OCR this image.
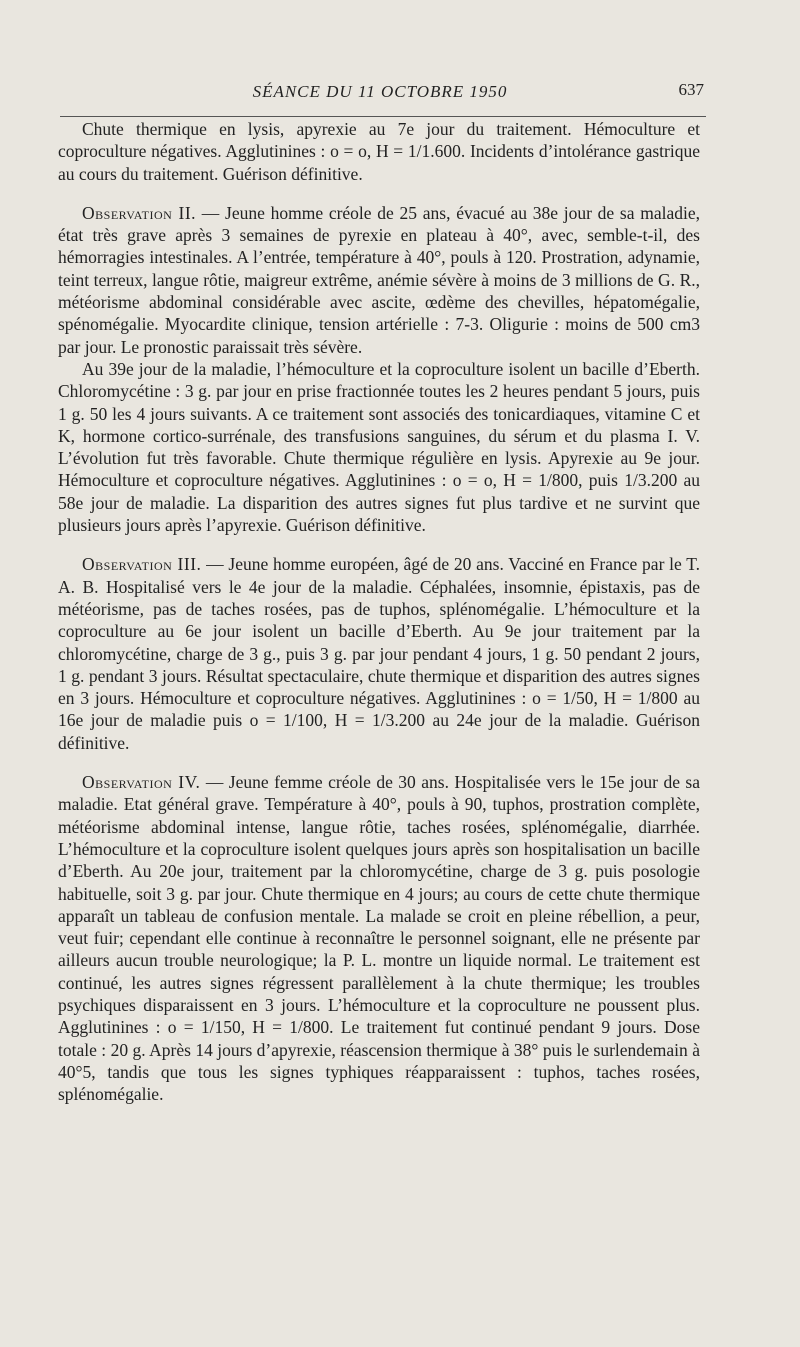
SÉANCE DU 11 OCTOBRE 1950	637

Chute thermique en lysis, apyrexie au 7e jour du traitement. Hémoculture et coproculture négatives. Agglutinines : o = o, H = 1/1.600. Incidents d’intolérance gastrique au cours du traitement. Guérison définitive.

Observation II. — Jeune homme créole de 25 ans, évacué au 38e jour de sa maladie, état très grave après 3 semaines de pyrexie en plateau à 40°, avec, semble-t-il, des hémorragies intestinales. A l’entrée, température à 40°, pouls à 120. Prostration, adynamie, teint terreux, langue rôtie, maigreur extrême, anémie sévère à moins de 3 millions de G. R., météorisme abdominal considérable avec ascite, œdème des chevilles, hépatomégalie, spénomégalie. Myocardite clinique, tension artérielle : 7-3. Oligurie : moins de 500 cm3 par jour. Le pronostic paraissait très sévère.

Au 39e jour de la maladie, l’hémoculture et la coproculture isolent un bacille d’Eberth. Chloromycétine : 3 g. par jour en prise fractionnée toutes les 2 heures pendant 5 jours, puis 1 g. 50 les 4 jours suivants. A ce traitement sont associés des tonicardiaques, vitamine C et K, hormone cortico-surrénale, des transfusions sanguines, du sérum et du plasma I. V. L’évolution fut très favorable. Chute thermique régulière en lysis. Apyrexie au 9e jour. Hémoculture et coproculture négatives. Agglutinines : o = o, H = 1/800, puis 1/3.200 au 58e jour de maladie. La disparition des autres signes fut plus tardive et ne survint que plusieurs jours après l’apyrexie. Guérison définitive.

Observation III. — Jeune homme européen, âgé de 20 ans. Vacciné en France par le T. A. B. Hospitalisé vers le 4e jour de la maladie. Céphalées, insomnie, épistaxis, pas de météorisme, pas de taches rosées, pas de tuphos, splénomégalie. L’hémoculture et la coproculture au 6e jour isolent un bacille d’Eberth. Au 9e jour traitement par la chloromycétine, charge de 3 g., puis 3 g. par jour pendant 4 jours, 1 g. 50 pendant 2 jours, 1 g. pendant 3 jours. Résultat spectaculaire, chute thermique et disparition des autres signes en 3 jours. Hémoculture et coproculture négatives. Agglutinines : o = 1/50, H = 1/800 au 16e jour de maladie puis o = 1/100, H = 1/3.200 au 24e jour de la maladie. Guérison définitive.

Observation IV. — Jeune femme créole de 30 ans. Hospitalisée vers le 15e jour de sa maladie. Etat général grave. Température à 40°, pouls à 90, tuphos, prostration complète, météorisme abdominal intense, langue rôtie, taches rosées, splénomégalie, diarrhée. L’hémoculture et la coproculture isolent quelques jours après son hospitalisation un bacille d’Eberth. Au 20e jour, traitement par la chloromycétine, charge de 3 g. puis posologie habituelle, soit 3 g. par jour. Chute thermique en 4 jours; au cours de cette chute thermique apparaît un tableau de confusion mentale. La malade se croit en pleine rébellion, a peur, veut fuir; cependant elle continue à reconnaître le personnel soignant, elle ne présente par ailleurs aucun trouble neurologique; la P. L. montre un liquide normal. Le traitement est continué, les autres signes régressent parallèlement à la chute thermique; les troubles psychiques disparaissent en 3 jours. L’hémoculture et la coproculture ne poussent plus. Agglutinines : o = 1/150, H = 1/800. Le traitement fut continué pendant 9 jours. Dose totale : 20 g. Après 14 jours d’apyrexie, réascension thermique à 38° puis le surlendemain à 40°5, tandis que tous les signes typhiques réapparaissent : tuphos, taches rosées, splénomégalie.
